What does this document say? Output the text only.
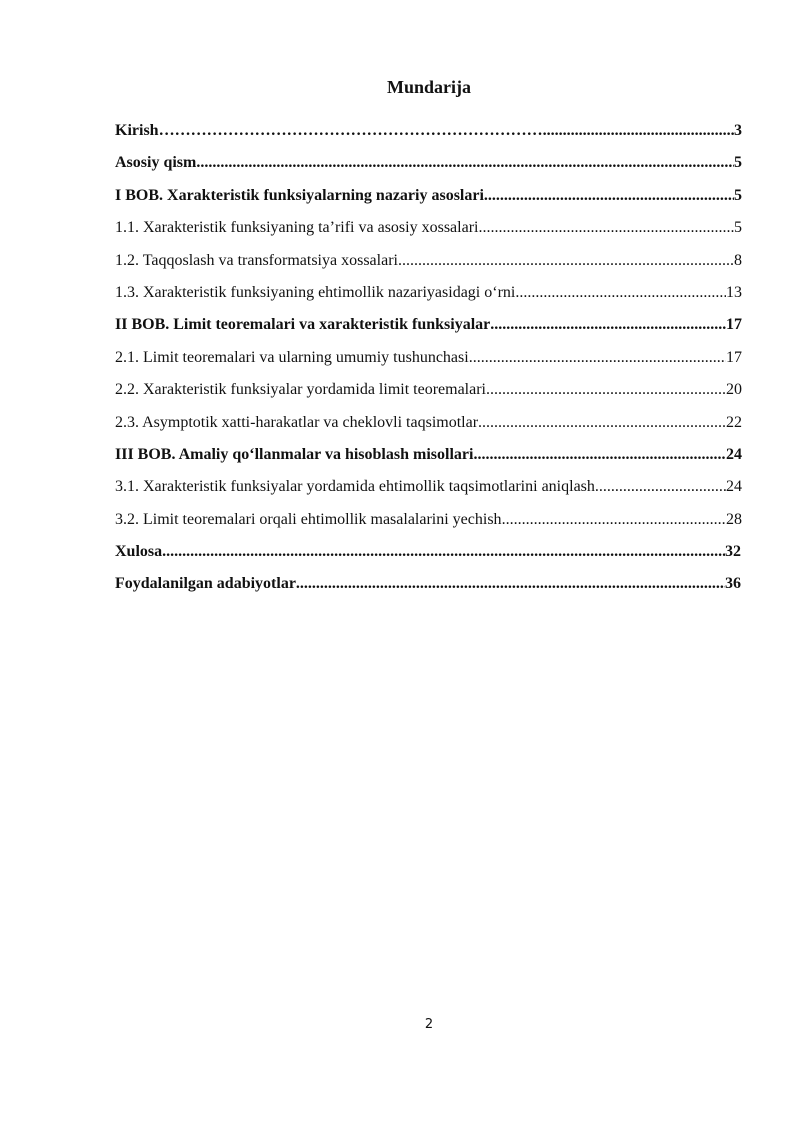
Mundarija
Kirish……………………………………………………………… .....	3
Asosiy qism .....	5
I BOB. Xarakteristik funksiyalarning nazariy asoslari .....	5
1.1. Xarakteristik funksiyaning ta’rifi va asosiy xossalari .....	5
1.2. Taqqoslash va transformatsiya xossalari .....	8
1.3. Xarakteristik funksiyaning ehtimollik nazariyasidagi o‘rni .....	13
II BOB. Limit teoremalari va xarakteristik funksiyalar .....	17
2.1. Limit teoremalari va ularning umumiy tushunchasi .....	17
2.2. Xarakteristik funksiyalar yordamida limit teoremalari .....	20
2.3. Asymptotik xatti-harakatlar va cheklovli taqsimotlar .....	22
III BOB. Amaliy qo‘llanmalar va hisoblash misollari .....	24
3.1. Xarakteristik funksiyalar yordamida ehtimollik taqsimotlarini aniqlash .....	24
3.2. Limit teoremalari orqali ehtimollik masalalarini yechish .....	28
Xulosa .....	32
Foydalanilgan adabiyotlar .....	36
2
